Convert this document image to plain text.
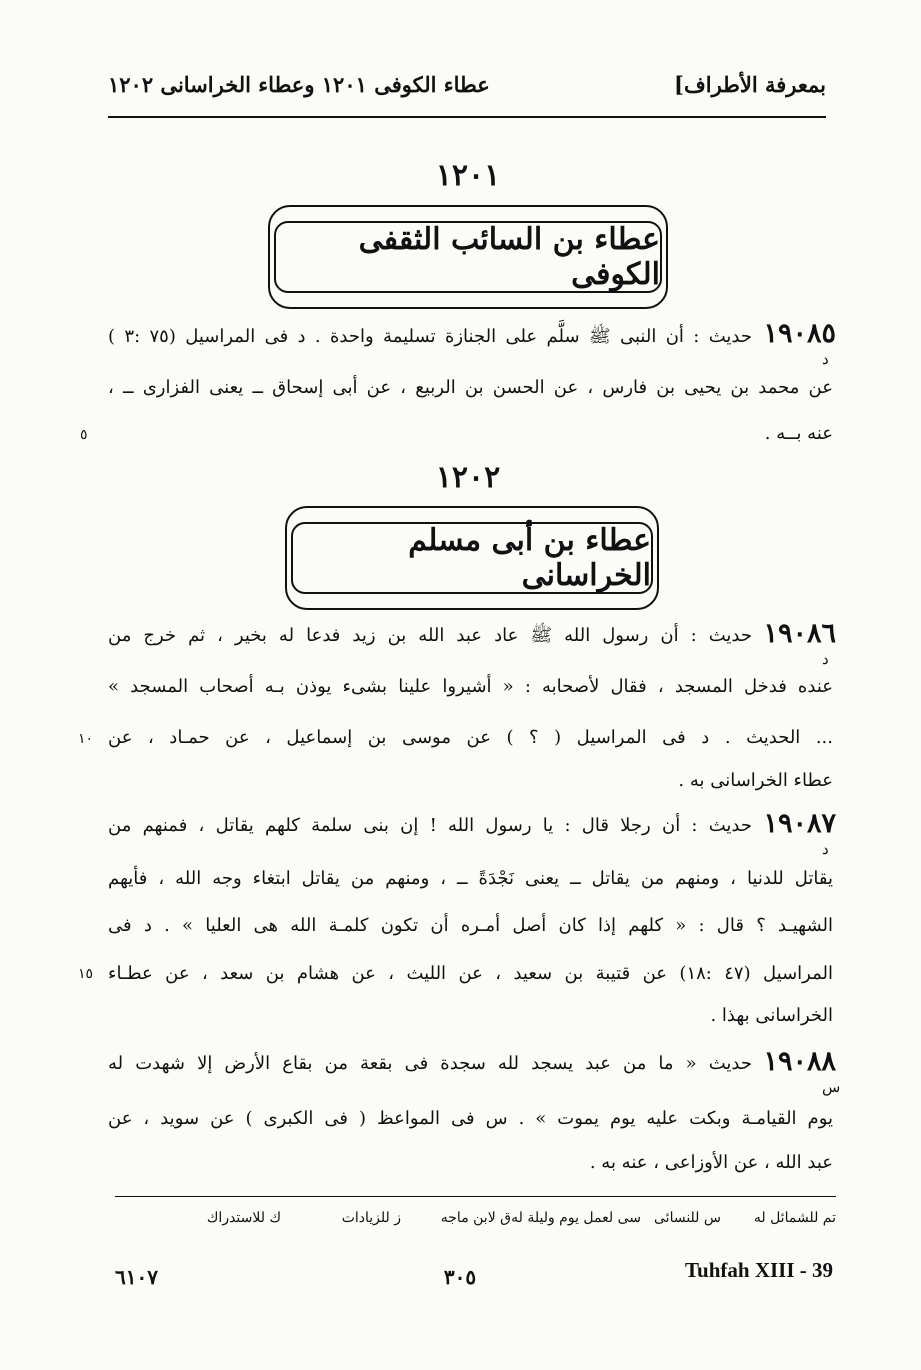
بمعرفة الأطراف]
عطاء الكوفى ١٢٠١ وعطاء الخراسانى ١٢٠٢
١٢٠١
عطاء بن السائب الثقفى الكوفى
١٩٠٨٥
د
حديث : أن النبى ﷺ سلَّم على الجنازة تسليمة واحدة . د فى المراسيل (٧٥ :٣ )
عن محمد بن يحيى بن فارس ، عن الحسن بن الربيع ، عن أبى إسحاق ــ يعنى الفزارى ــ ،
عنه بــه .
٥
١٢٠٢
عطاء بن أبى مسلم الخراسانى
١٩٠٨٦
د
حديث : أن رسول الله ﷺ عاد عبد الله بن زيد فدعا له بخير ، ثم خرج من
عنده فدخل المسجد ، فقال لأصحابه : « أشيروا علينا بشىء يوذن بـه أصحاب المسجد »
... الحديث . د فى المراسيل ( ؟ ) عن موسى بن إسماعيل ، عن حمـاد ، عن
عطاء الخراسانى به .
١٠
١٩٠٨٧
د
حديث : أن رجلا قال : يا رسول الله ! إن بنى سلمة كلهم يقاتل ، فمنهم من
يقاتل للدنيا ، ومنهم من يقاتل ــ يعنى نَجْدَةً ــ ، ومنهم من يقاتل ابتغاء وجه الله ، فأيهم
الشهيـد ؟ قال : « كلهم إذا كان أصل أمـره أن تكون كلمـة الله هى العليا » . د فى
المراسيل (٤٧ :١٨) عن قتيبة بن سعيد ، عن الليث ، عن هشام بن سعد ، عن عطـاء
الخراسانى بهذا .
١٥
١٩٠٨٨
س
حديث « ما من عبد يسجد لله سجدة فى بقعة من بقاع الأرض إلا شهدت له
يوم القيامـة وبكت عليه يوم يموت » . س فى المواعظ ( فى الكبرى ) عن سويد ، عن
عبد الله ، عن الأوزاعى ، عنه به .
تم للشمائل له
س للنسائى
سى لعمل يوم وليلة له
ق لابن ماجه
ز للزيادات
ك للاستدراك
٦١٠٧	٣٠٥	Tuhfah XIII - 39
